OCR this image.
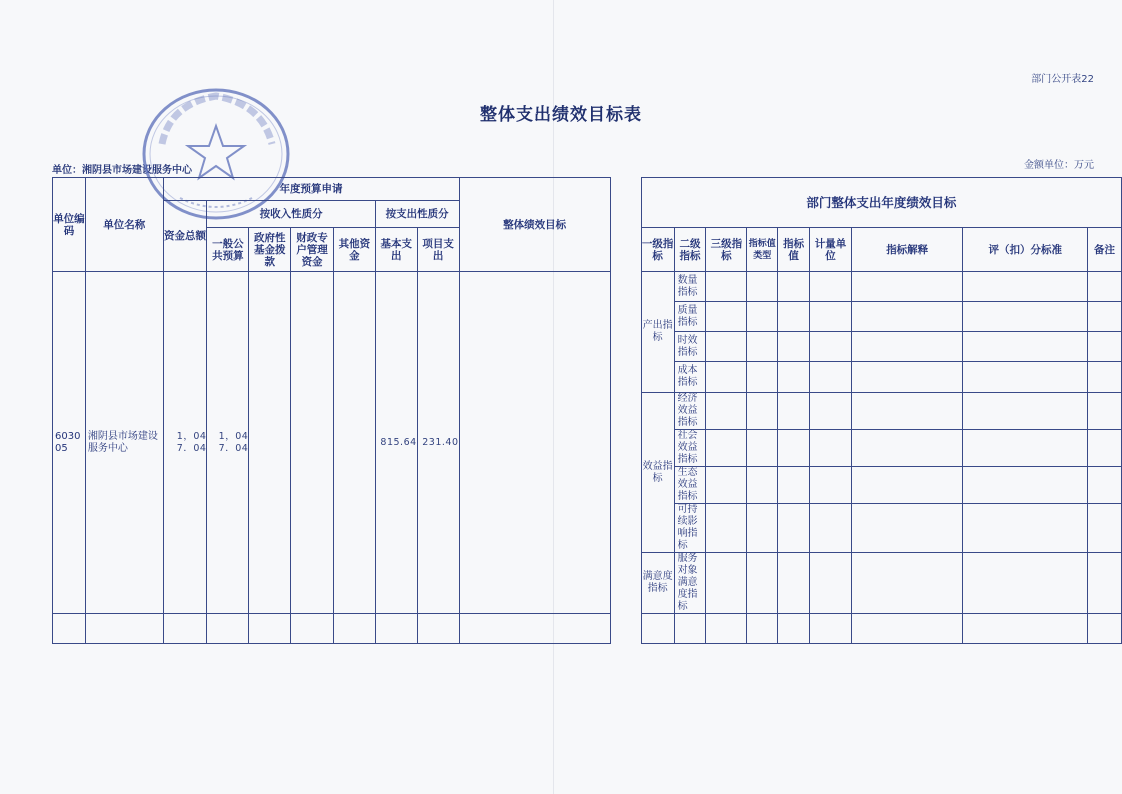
部门公开表22
整体支出绩效目标表
单位：湘阴县市场建设服务中心	金额单位：万元
单位编码	单位名称	年度预算申请							整体绩效目标		部门整体支出年度绩效目标								
		资金总额	按收入性质分				按支出性质分												
			一般公共预算	政府性基金拨款	财政专户管理资金	其他资金	基本支出	项目支出			一级指标	二级指标	三级指标	指标值类型	指标值	计量单位	指标解释	评（扣）分标准	备注
603005	湘阴县市场建设服务中心	1，047．04	1，047．04				815.64	231.40			产出指标	数量指标							
												质量指标							
												时效指标							
												成本指标							
											效益指标	经济效益指标							
												社会效益指标							
												生态效益指标							
												可持续影响指标							
											满意度指标	服务对象满意度指标							
